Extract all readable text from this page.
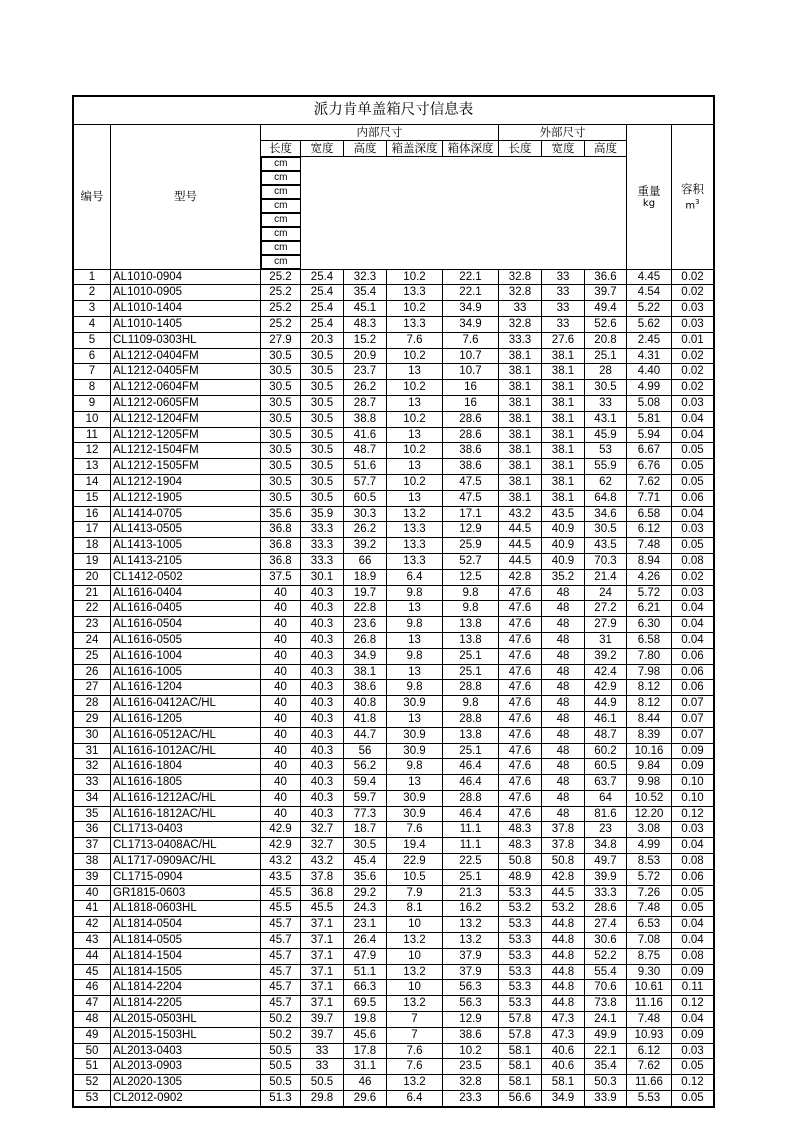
派力肯单盖箱尺寸信息表											
编号	型号	内部尺寸					外部尺寸			重量
kg	容积
$m^3$

		长度	宽度	高度	箱盖深度	箱体深度	长度	宽度	高度		

cm
cm
cm
cm
cm
cm
cm
cm

1	AL1010-0904	25.2	25.4	32.3	10.2	22.1	32.8	33	36.6	4.45	0.02
2	AL1010-0905	25.2	25.4	35.4	13.3	22.1	32.8	33	39.7	4.54	0.02
3	AL1010-1404	25.2	25.4	45.1	10.2	34.9	33	33	49.4	5.22	0.03
4	AL1010-1405	25.2	25.4	48.3	13.3	34.9	32.8	33	52.6	5.62	0.03
5	CL1109-0303HL	27.9	20.3	15.2	7.6	7.6	33.3	27.6	20.8	2.45	0.01
6	AL1212-0404FM	30.5	30.5	20.9	10.2	10.7	38.1	38.1	25.1	4.31	0.02
7	AL1212-0405FM	30.5	30.5	23.7	13	10.7	38.1	38.1	28	4.40	0.02
8	AL1212-0604FM	30.5	30.5	26.2	10.2	16	38.1	38.1	30.5	4.99	0.02
9	AL1212-0605FM	30.5	30.5	28.7	13	16	38.1	38.1	33	5.08	0.03
10	AL1212-1204FM	30.5	30.5	38.8	10.2	28.6	38.1	38.1	43.1	5.81	0.04
11	AL1212-1205FM	30.5	30.5	41.6	13	28.6	38.1	38.1	45.9	5.94	0.04
12	AL1212-1504FM	30.5	30.5	48.7	10.2	38.6	38.1	38.1	53	6.67	0.05
13	AL1212-1505FM	30.5	30.5	51.6	13	38.6	38.1	38.1	55.9	6.76	0.05
14	AL1212-1904	30.5	30.5	57.7	10.2	47.5	38.1	38.1	62	7.62	0.05
15	AL1212-1905	30.5	30.5	60.5	13	47.5	38.1	38.1	64.8	7.71	0.06
16	AL1414-0705	35.6	35.9	30.3	13.2	17.1	43.2	43.5	34.6	6.58	0.04
17	AL1413-0505	36.8	33.3	26.2	13.3	12.9	44.5	40.9	30.5	6.12	0.03
18	AL1413-1005	36.8	33.3	39.2	13.3	25.9	44.5	40.9	43.5	7.48	0.05
19	AL1413-2105	36.8	33.3	66	13.3	52.7	44.5	40.9	70.3	8.94	0.08
20	CL1412-0502	37.5	30.1	18.9	6.4	12.5	42.8	35.2	21.4	4.26	0.02
21	AL1616-0404	40	40.3	19.7	9.8	9.8	47.6	48	24	5.72	0.03
22	AL1616-0405	40	40.3	22.8	13	9.8	47.6	48	27.2	6.21	0.04
23	AL1616-0504	40	40.3	23.6	9.8	13.8	47.6	48	27.9	6.30	0.04
24	AL1616-0505	40	40.3	26.8	13	13.8	47.6	48	31	6.58	0.04
25	AL1616-1004	40	40.3	34.9	9.8	25.1	47.6	48	39.2	7.80	0.06
26	AL1616-1005	40	40.3	38.1	13	25.1	47.6	48	42.4	7.98	0.06
27	AL1616-1204	40	40.3	38.6	9.8	28.8	47.6	48	42.9	8.12	0.06
28	AL1616-0412AC/HL	40	40.3	40.8	30.9	9.8	47.6	48	44.9	8.12	0.07
29	AL1616-1205	40	40.3	41.8	13	28.8	47.6	48	46.1	8.44	0.07
30	AL1616-0512AC/HL	40	40.3	44.7	30.9	13.8	47.6	48	48.7	8.39	0.07
31	AL1616-1012AC/HL	40	40.3	56	30.9	25.1	47.6	48	60.2	10.16	0.09
32	AL1616-1804	40	40.3	56.2	9.8	46.4	47.6	48	60.5	9.84	0.09
33	AL1616-1805	40	40.3	59.4	13	46.4	47.6	48	63.7	9.98	0.10
34	AL1616-1212AC/HL	40	40.3	59.7	30.9	28.8	47.6	48	64	10.52	0.10
35	AL1616-1812AC/HL	40	40.3	77.3	30.9	46.4	47.6	48	81.6	12.20	0.12
36	CL1713-0403	42.9	32.7	18.7	7.6	11.1	48.3	37.8	23	3.08	0.03
37	CL1713-0408AC/HL	42.9	32.7	30.5	19.4	11.1	48.3	37.8	34.8	4.99	0.04
38	AL1717-0909AC/HL	43.2	43.2	45.4	22.9	22.5	50.8	50.8	49.7	8.53	0.08
39	CL1715-0904	43.5	37.8	35.6	10.5	25.1	48.9	42.8	39.9	5.72	0.06
40	GR1815-0603	45.5	36.8	29.2	7.9	21.3	53.3	44.5	33.3	7.26	0.05
41	AL1818-0603HL	45.5	45.5	24.3	8.1	16.2	53.2	53.2	28.6	7.48	0.05
42	AL1814-0504	45.7	37.1	23.1	10	13.2	53.3	44.8	27.4	6.53	0.04
43	AL1814-0505	45.7	37.1	26.4	13.2	13.2	53.3	44.8	30.6	7.08	0.04
44	AL1814-1504	45.7	37.1	47.9	10	37.9	53.3	44.8	52.2	8.75	0.08
45	AL1814-1505	45.7	37.1	51.1	13.2	37.9	53.3	44.8	55.4	9.30	0.09
46	AL1814-2204	45.7	37.1	66.3	10	56.3	53.3	44.8	70.6	10.61	0.11
47	AL1814-2205	45.7	37.1	69.5	13.2	56.3	53.3	44.8	73.8	11.16	0.12
48	AL2015-0503HL	50.2	39.7	19.8	7	12.9	57.8	47.3	24.1	7.48	0.04
49	AL2015-1503HL	50.2	39.7	45.6	7	38.6	57.8	47.3	49.9	10.93	0.09
50	AL2013-0403	50.5	33	17.8	7.6	10.2	58.1	40.6	22.1	6.12	0.03
51	AL2013-0903	50.5	33	31.1	7.6	23.5	58.1	40.6	35.4	7.62	0.05
52	AL2020-1305	50.5	50.5	46	13.2	32.8	58.1	58.1	50.3	11.66	0.12
53	CL2012-0902	51.3	29.8	29.6	6.4	23.3	56.6	34.9	33.9	5.53	0.05
